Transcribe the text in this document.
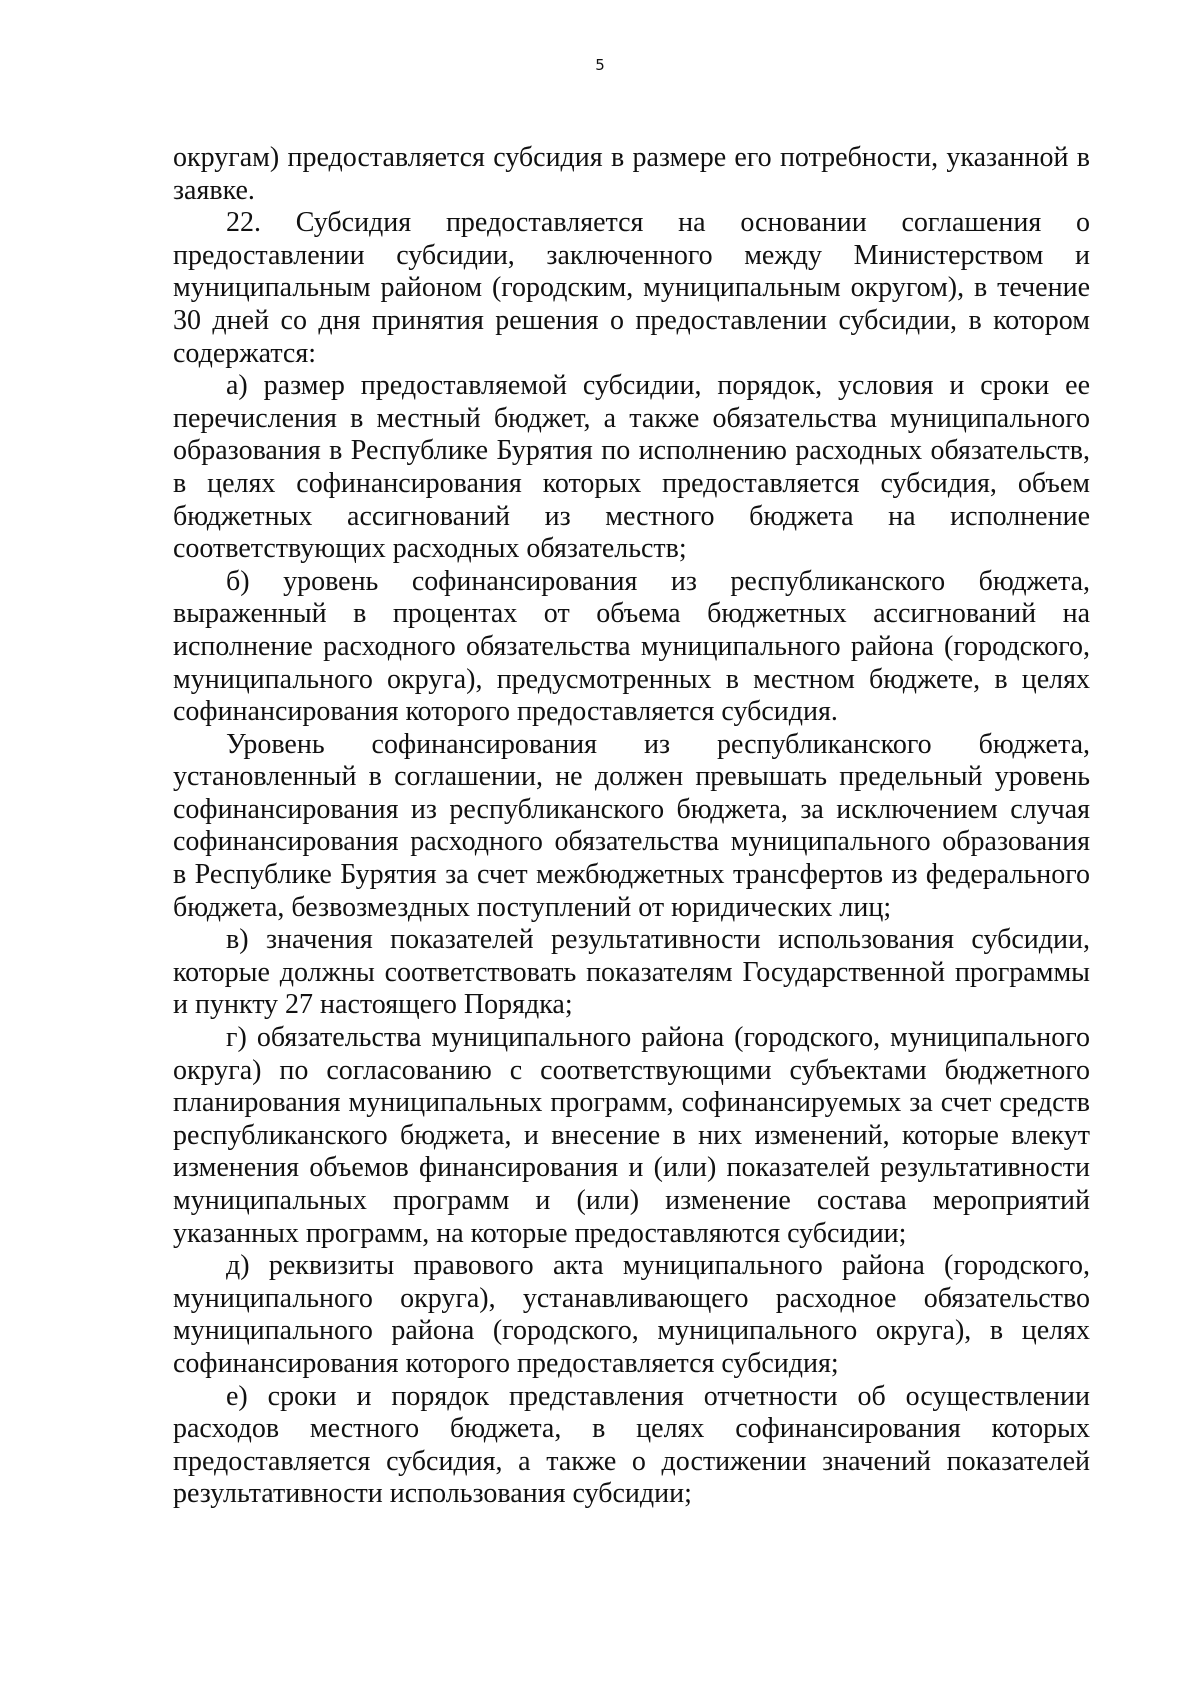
5

округам) предоставляется субсидия в размере его потребности, указанной в заявке.

22. Субсидия предоставляется на основании соглашения о предоставлении субсидии, заключенного между Министерством и муниципальным районом (городским, муниципальным округом), в течение 30 дней со дня принятия решения о предоставлении субсидии, в котором содержатся:

а) размер предоставляемой субсидии, порядок, условия и сроки ее перечисления в местный бюджет, а также обязательства муниципального образования в Республике Бурятия по исполнению расходных обязательств, в целях софинансирования которых предоставляется субсидия, объем бюджетных ассигнований из местного бюджета на исполнение соответствующих расходных обязательств;

б) уровень софинансирования из республиканского бюджета, выраженный в процентах от объема бюджетных ассигнований на исполнение расходного обязательства муниципального района (городского, муниципального округа), предусмотренных в местном бюджете, в целях софинансирования которого предоставляется субсидия.

Уровень софинансирования из республиканского бюджета, установленный в соглашении, не должен превышать предельный уровень софинансирования из республиканского бюджета, за исключением случая софинансирования расходного обязательства муниципального образования в Республике Бурятия за счет межбюджетных трансфертов из федерального бюджета, безвозмездных поступлений от юридических лиц;

в) значения показателей результативности использования субсидии, которые должны соответствовать показателям Государственной программы и пункту 27 настоящего Порядка;

г) обязательства муниципального района (городского, муниципального округа) по согласованию с соответствующими субъектами бюджетного планирования муниципальных программ, софинансируемых за счет средств республиканского бюджета, и внесение в них изменений, которые влекут изменения объемов финансирования и (или) показателей результативности муниципальных программ и (или) изменение состава мероприятий указанных программ, на которые предоставляются субсидии;

д) реквизиты правового акта муниципального района (городского, муниципального округа), устанавливающего расходное обязательство муниципального района (городского, муниципального округа), в целях софинансирования которого предоставляется субсидия;

е) сроки и порядок представления отчетности об осуществлении расходов местного бюджета, в целях софинансирования которых предоставляется субсидия, а также о достижении значений показателей результативности использования субсидии;
